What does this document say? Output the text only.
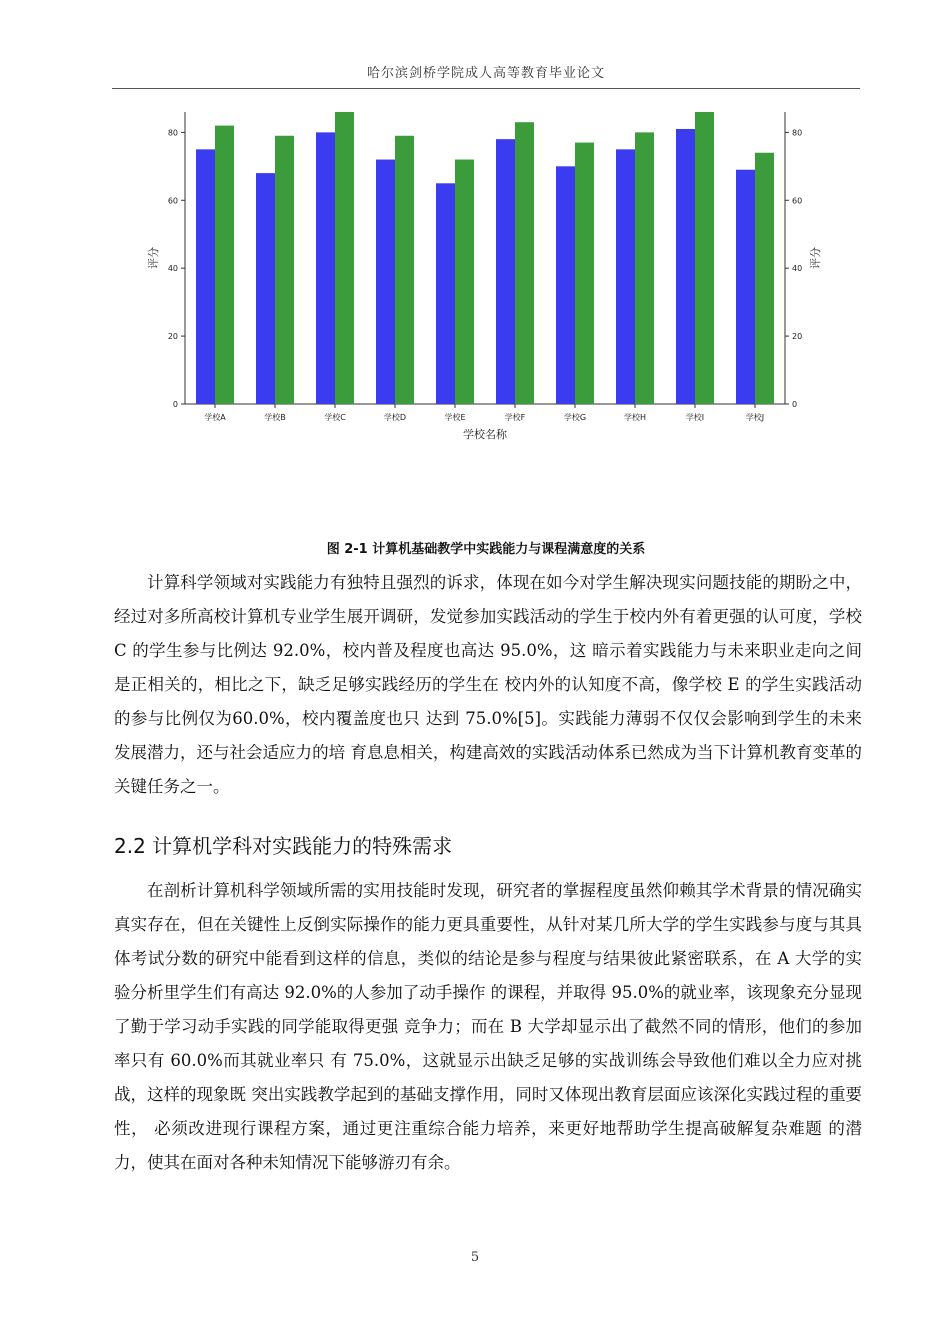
哈尔滨剑桥学院成人高等教育毕业论文
0	0
20	20
40	40
60	60
80	80
学校A	学校B	学校C	学校D	学校E	学校F	学校G	学校H	学校I	学校J
学校名称
评分	评分
图 2-1 计算机基础教学中实践能力与课程满意度的关系

计算科学领域对实践能力有独特且强烈的诉求，体现在如今对学生解决现实问题技能的期盼之中，经过对多所高校计算机专业学生展开调研，发觉参加实践活动的学生于校内外有着更强的认可度，学校 C 的学生参与比例达 92.0%，校内普及程度也高达 95.0%，这 暗示着实践能力与未来职业走向之间是正相关的，相比之下，缺乏足够实践经历的学生在 校内外的认知度不高，像学校 E 的学生实践活动的参与比例仅为60.0%，校内覆盖度也只 达到 75.0%[5]。实践能力薄弱不仅仅会影响到学生的未来发展潜力，还与社会适应力的培 育息息相关，构建高效的实践活动体系已然成为当下计算机教育变革的关键任务之一。

2.2 计算机学科对实践能力的特殊需求

在剖析计算机科学领域所需的实用技能时发现，研究者的掌握程度虽然仰赖其学术背景的情况确实真实存在，但在关键性上反倒实际操作的能力更具重要性，从针对某几所大学的学生实践参与度与其具体考试分数的研究中能看到这样的信息，类似的结论是参与程度与结果彼此紧密联系，在 A 大学的实验分析里学生们有高达 92.0%的人参加了动手操作 的课程，并取得 95.0%的就业率，该现象充分显现了勤于学习动手实践的同学能取得更强 竞争力；而在 B 大学却显示出了截然不同的情形，他们的参加率只有 60.0%而其就业率只 有 75.0%，这就显示出缺乏足够的实战训练会导致他们难以全力应对挑战，这样的现象既 突出实践教学起到的基础支撑作用，同时又体现出教育层面应该深化实践过程的重要性， 必须改进现行课程方案，通过更注重综合能力培养，来更好地帮助学生提高破解复杂难题 的潜力，使其在面对各种未知情况下能够游刃有余。

5
